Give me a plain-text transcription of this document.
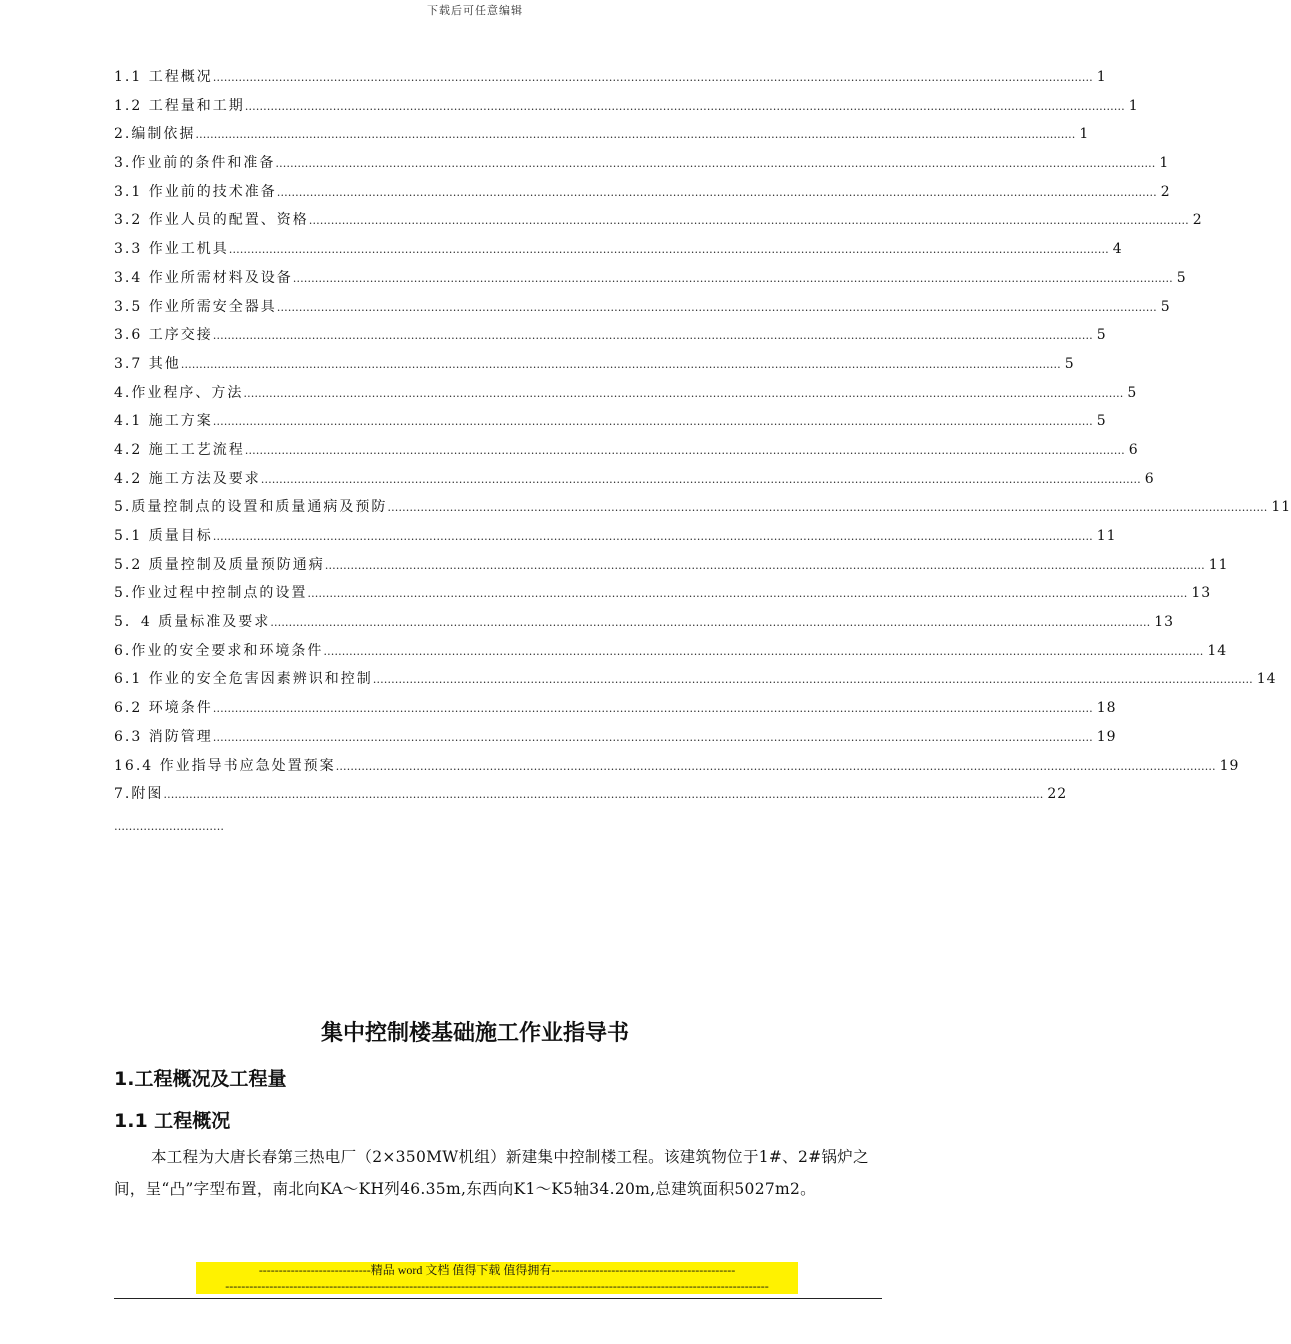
下载后可任意编辑
1.1 工程概况 …………………………………………………………………………………………………………………………………………………………………………………………………………………… 1
1.2 工程量和工期 …………………………………………………………………………………………………………………………………………………………………………………………………………………… 1
2.编制依据 …………………………………………………………………………………………………………………………………………………………………………………………………………………… 1
3.作业前的条件和准备 …………………………………………………………………………………………………………………………………………………………………………………………………………………… 1
3.1 作业前的技术准备 …………………………………………………………………………………………………………………………………………………………………………………………………………………… 2
3.2 作业人员的配置、资格 …………………………………………………………………………………………………………………………………………………………………………………………………………………… 2
3.3 作业工机具 …………………………………………………………………………………………………………………………………………………………………………………………………………………… 4
3.4 作业所需材料及设备 …………………………………………………………………………………………………………………………………………………………………………………………………………………… 5
3.5 作业所需安全器具 …………………………………………………………………………………………………………………………………………………………………………………………………………………… 5
3.6 工序交接 …………………………………………………………………………………………………………………………………………………………………………………………………………………… 5
3.7 其他 …………………………………………………………………………………………………………………………………………………………………………………………………………………… 5
4.作业程序、方法 …………………………………………………………………………………………………………………………………………………………………………………………………………………… 5
4.1 施工方案 …………………………………………………………………………………………………………………………………………………………………………………………………………………… 5
4.2 施工工艺流程 …………………………………………………………………………………………………………………………………………………………………………………………………………………… 6
4.2 施工方法及要求 …………………………………………………………………………………………………………………………………………………………………………………………………………………… 6
5.质量控制点的设置和质量通病及预防 …………………………………………………………………………………………………………………………………………………………………………………………………………………… 11
5.1 质量目标 …………………………………………………………………………………………………………………………………………………………………………………………………………………… 11
5.2 质量控制及质量预防通病 …………………………………………………………………………………………………………………………………………………………………………………………………………………… 11
5.作业过程中控制点的设置 …………………………………………………………………………………………………………………………………………………………………………………………………………………… 13
5．4 质量标准及要求 …………………………………………………………………………………………………………………………………………………………………………………………………………………… 13
6.作业的安全要求和环境条件 …………………………………………………………………………………………………………………………………………………………………………………………………………………… 14
6.1 作业的安全危害因素辨识和控制 …………………………………………………………………………………………………………………………………………………………………………………………………………………… 14
6.2 环境条件 …………………………………………………………………………………………………………………………………………………………………………………………………………………… 18
6.3 消防管理 …………………………………………………………………………………………………………………………………………………………………………………………………………………… 19
16.4 作业指导书应急处置预案 …………………………………………………………………………………………………………………………………………………………………………………………………………………… 19
7.附图 …………………………………………………………………………………………………………………………………………………………………………………………………………………… 22
…………………………
集中控制楼基础施工作业指导书
1.工程概况及工程量
1.1 工程概况
本工程为大唐长春第三热电厂（2×350MW机组）新建集中控制楼工程。该建筑物位于1#、2#锅炉之间，呈“凸”字型布置，南北向KA～KH列46.35m,东西向K1～K5轴34.20m,总建筑面积5027m2。
----------------------------精品 word 文档 值得下载 值得拥有----------------------------------------------
----------------------------------------------------------------------------------------------------------------------------------------
